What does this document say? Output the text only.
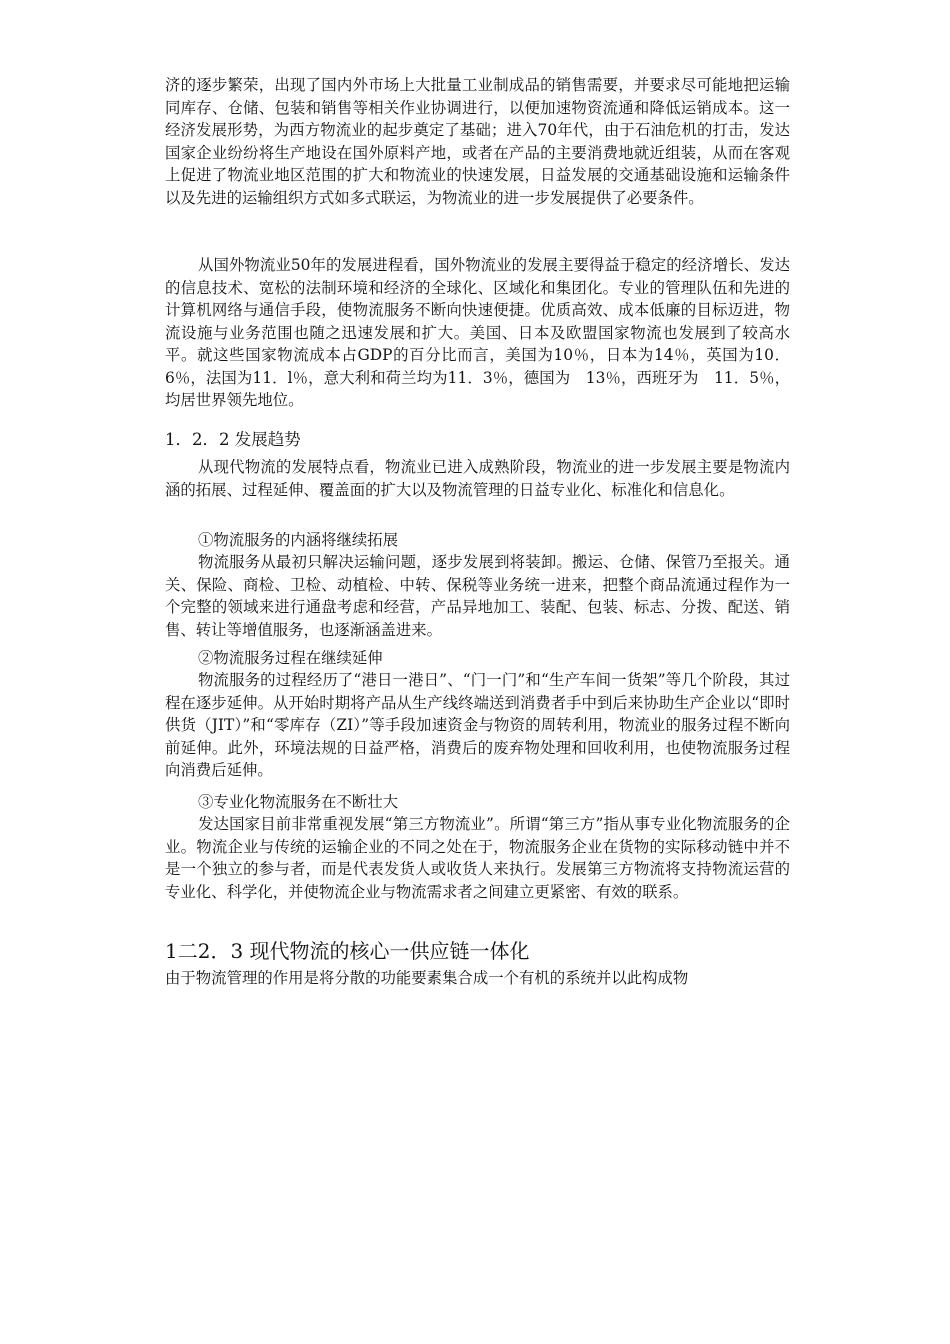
济的逐步繁荣，出现了国内外市场上大批量工业制成品的销售需要，并要求尽可能地把运输同库存、仓储、包装和销售等相关作业协调进行，以便加速物资流通和降低运销成本。这一经济发展形势，为西方物流业的起步奠定了基础；进入70年代，由于石油危机的打击，发达国家企业纷纷将生产地设在国外原料产地，或者在产品的主要消费地就近组装，从而在客观上促进了物流业地区范围的扩大和物流业的快速发展，日益发展的交通基础设施和运输条件以及先进的运输组织方式如多式联运，为物流业的进一步发展提供了必要条件。
从国外物流业50年的发展进程看，国外物流业的发展主要得益于稳定的经济增长、发达的信息技术、宽松的法制环境和经济的全球化、区域化和集团化。专业的管理队伍和先进的计算机网络与通信手段，使物流服务不断向快速便捷。优质高效、成本低廉的目标迈进，物流设施与业务范围也随之迅速发展和扩大。美国、日本及欧盟国家物流也发展到了较高水平。就这些国家物流成本占GDP的百分比而言，美国为10％，日本为14％，英国为10．6％，法国为11．l％，意大利和荷兰均为11．3％，德国为　13％，西班牙为　11．5％，均居世界领先地位。
1．2．2 发展趋势
从现代物流的发展特点看，物流业已进入成熟阶段，物流业的进一步发展主要是物流内涵的拓展、过程延伸、覆盖面的扩大以及物流管理的日益专业化、标准化和信息化。
①物流服务的内涵将继续拓展
物流服务从最初只解决运输问题，逐步发展到将装卸。搬运、仓储、保管乃至报关。通关、保险、商检、卫检、动植检、中转、保税等业务统一进来，把整个商品流通过程作为一个完整的领域来进行通盘考虑和经营，产品异地加工、装配、包装、标志、分拨、配送、销售、转让等增值服务，也逐渐涵盖进来。
②物流服务过程在继续延伸
物流服务的过程经历了“港日一港日”、“门一门”和“生产车间一货架”等几个阶段，其过程在逐步延伸。从开始时期将产品从生产线终端送到消费者手中到后来协助生产企业以“即时供货（JIT）”和“零库存（ZI）”等手段加速资金与物资的周转利用，物流业的服务过程不断向前延伸。此外，环境法规的日益严格，消费后的废弃物处理和回收利用，也使物流服务过程向消费后延伸。
③专业化物流服务在不断壮大
发达国家目前非常重视发展“第三方物流业”。所谓“第三方”指从事专业化物流服务的企业。物流企业与传统的运输企业的不同之处在于，物流服务企业在货物的实际移动链中并不是一个独立的参与者，而是代表发货人或收货人来执行。发展第三方物流将支持物流运营的专业化、科学化，并使物流企业与物流需求者之间建立更紧密、有效的联系。
1二2．3 现代物流的核心一供应链一体化
由于物流管理的作用是将分散的功能要素集合成一个有机的系统并以此构成物
